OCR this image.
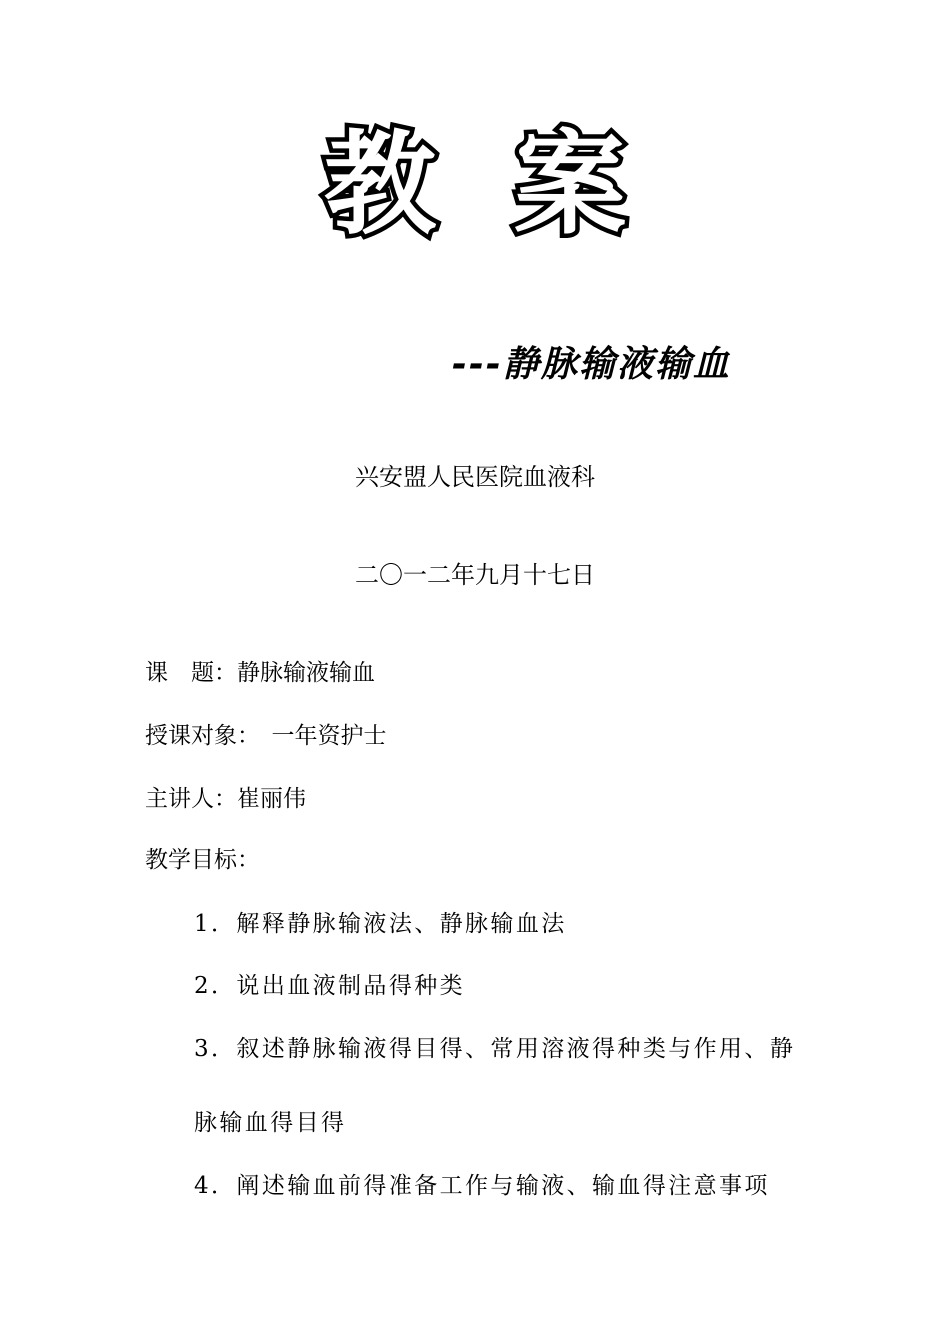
教 案
---静脉输液输血
兴安盟人民医院血液科
二〇一二年九月十七日
课　题：静脉输液输血
授课对象：　一年资护士
主讲人：崔丽伟
教学目标：
1．解释静脉输液法、静脉输血法
2．说出血液制品得种类
3．叙述静脉输液得目得、常用溶液得种类与作用、静
脉输血得目得
4．阐述输血前得准备工作与输液、输血得注意事项
